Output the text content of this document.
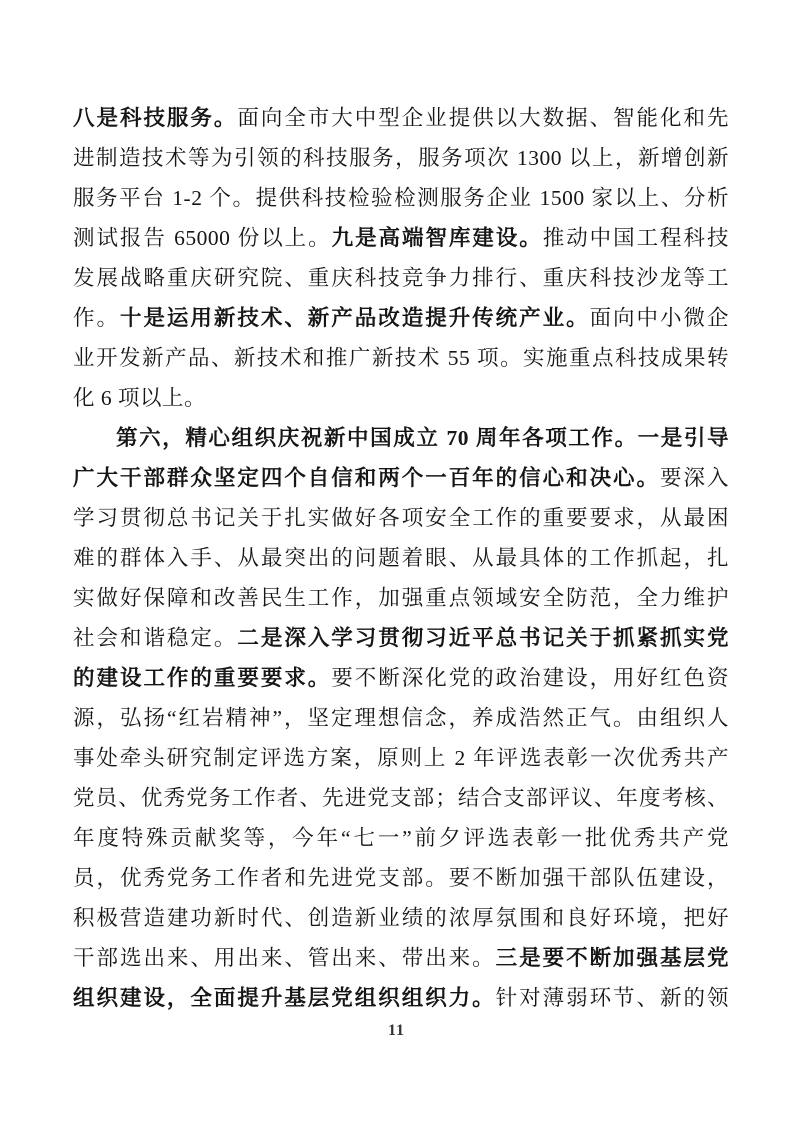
八是科技服务。面向全市大中型企业提供以大数据、智能化和先
进制造技术等为引领的科技服务，服务项次 1300 以上，新增创新
服务平台 1-2 个。提供科技检验检测服务企业 1500 家以上、分析
测试报告 65000 份以上。九是高端智库建设。推动中国工程科技
发展战略重庆研究院、重庆科技竞争力排行、重庆科技沙龙等工
作。十是运用新技术、新产品改造提升传统产业。面向中小微企
业开发新产品、新技术和推广新技术 55 项。实施重点科技成果转
化 6 项以上。
第六，精心组织庆祝新中国成立 70 周年各项工作。一是引导
广大干部群众坚定四个自信和两个一百年的信心和决心。要深入
学习贯彻总书记关于扎实做好各项安全工作的重要要求，从最困
难的群体入手、从最突出的问题着眼、从最具体的工作抓起，扎
实做好保障和改善民生工作，加强重点领域安全防范，全力维护
社会和谐稳定。二是深入学习贯彻习近平总书记关于抓紧抓实党
的建设工作的重要要求。要不断深化党的政治建设，用好红色资
源，弘扬“红岩精神”，坚定理想信念，养成浩然正气。由组织人
事处牵头研究制定评选方案，原则上 2 年评选表彰一次优秀共产
党员、优秀党务工作者、先进党支部；结合支部评议、年度考核、
年度特殊贡献奖等，今年“七一”前夕评选表彰一批优秀共产党
员，优秀党务工作者和先进党支部。要不断加强干部队伍建设，
积极营造建功新时代、创造新业绩的浓厚氛围和良好环境，把好
干部选出来、用出来、管出来、带出来。三是要不断加强基层党
组织建设，全面提升基层党组织组织力。针对薄弱环节、新的领
11
